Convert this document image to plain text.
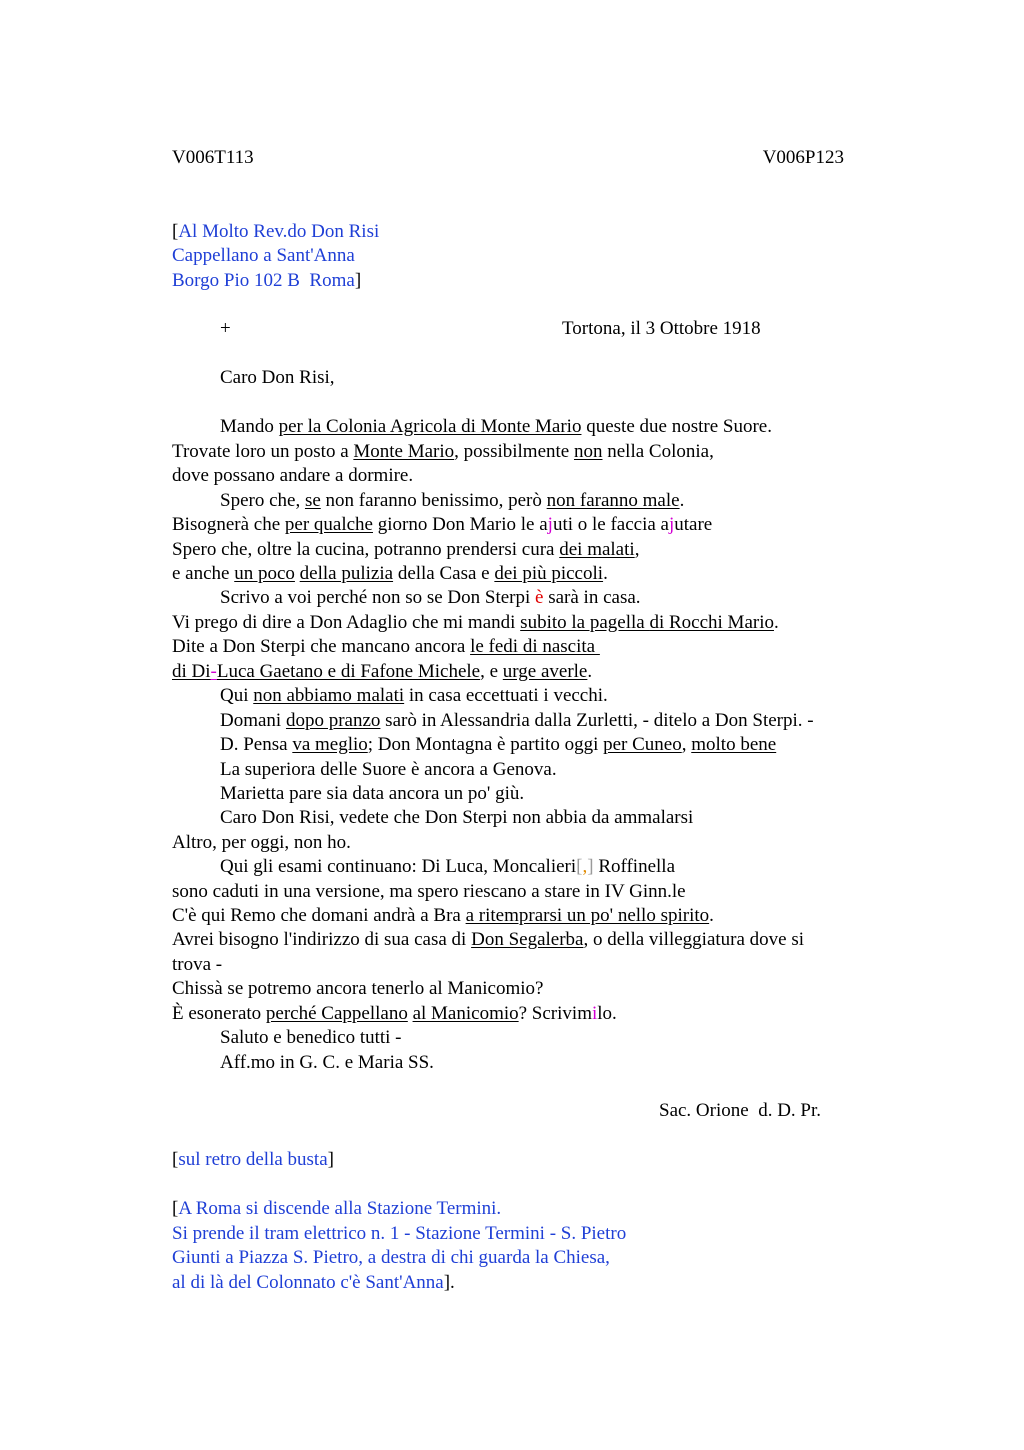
V006T113	V006P123
[Al Molto Rev.do Don Risi
Cappellano a Sant'Anna
Borgo Pio 102 B  Roma]
+	Tortona, il 3 Ottobre 1918
Caro Don Risi,
Mando per la Colonia Agricola di Monte Mario queste due nostre Suore.
Trovate loro un posto a Monte Mario, possibilmente non nella Colonia,
dove possano andare a dormire.
Spero che, se non faranno benissimo, però non faranno male.
Bisognerà che per qualche giorno Don Mario le ajuti o le faccia ajutare
Spero che, oltre la cucina, potranno prendersi cura dei malati,
e anche un poco della pulizia della Casa e dei più piccoli.
Scrivo a voi perché non so se Don Sterpi è sarà in casa.
Vi prego di dire a Don Adaglio che mi mandi subito la pagella di Rocchi Mario.
Dite a Don Sterpi che mancano ancora le fedi di nascita
di Di-Luca Gaetano e di Fafone Michele, e urge averle.
Qui non abbiamo malati in casa eccettuati i vecchi.
Domani dopo pranzo sarò in Alessandria dalla Zurletti, - ditelo a Don Sterpi. -
D. Pensa va meglio; Don Montagna è partito oggi per Cuneo, molto bene
La superiora delle Suore è ancora a Genova.
Marietta pare sia data ancora un po' giù.
Caro Don Risi, vedete che Don Sterpi non abbia da ammalarsi
Altro, per oggi, non ho.
Qui gli esami continuano: Di Luca, Moncalieri[,] Roffinella
sono caduti in una versione, ma spero riescano a stare in IV Ginn.le
C'è qui Remo che domani andrà a Bra a ritemprarsi un po' nello spirito.
Avrei bisogno l'indirizzo di sua casa di Don Segalerba, o della villeggiatura dove si
trova -
Chissà se potremo ancora tenerlo al Manicomio?
È esonerato perché Cappellano al Manicomio? Scrivimilo.
Saluto e benedico tutti -
Aff.mo in G. C. e Maria SS.
Sac. Orione  d. D. Pr.
[sul retro della busta]
[A Roma si discende alla Stazione Termini.
Si prende il tram elettrico n. 1 - Stazione Termini - S. Pietro
Giunti a Piazza S. Pietro, a destra di chi guarda la Chiesa,
al di là del Colonnato c'è Sant'Anna].
